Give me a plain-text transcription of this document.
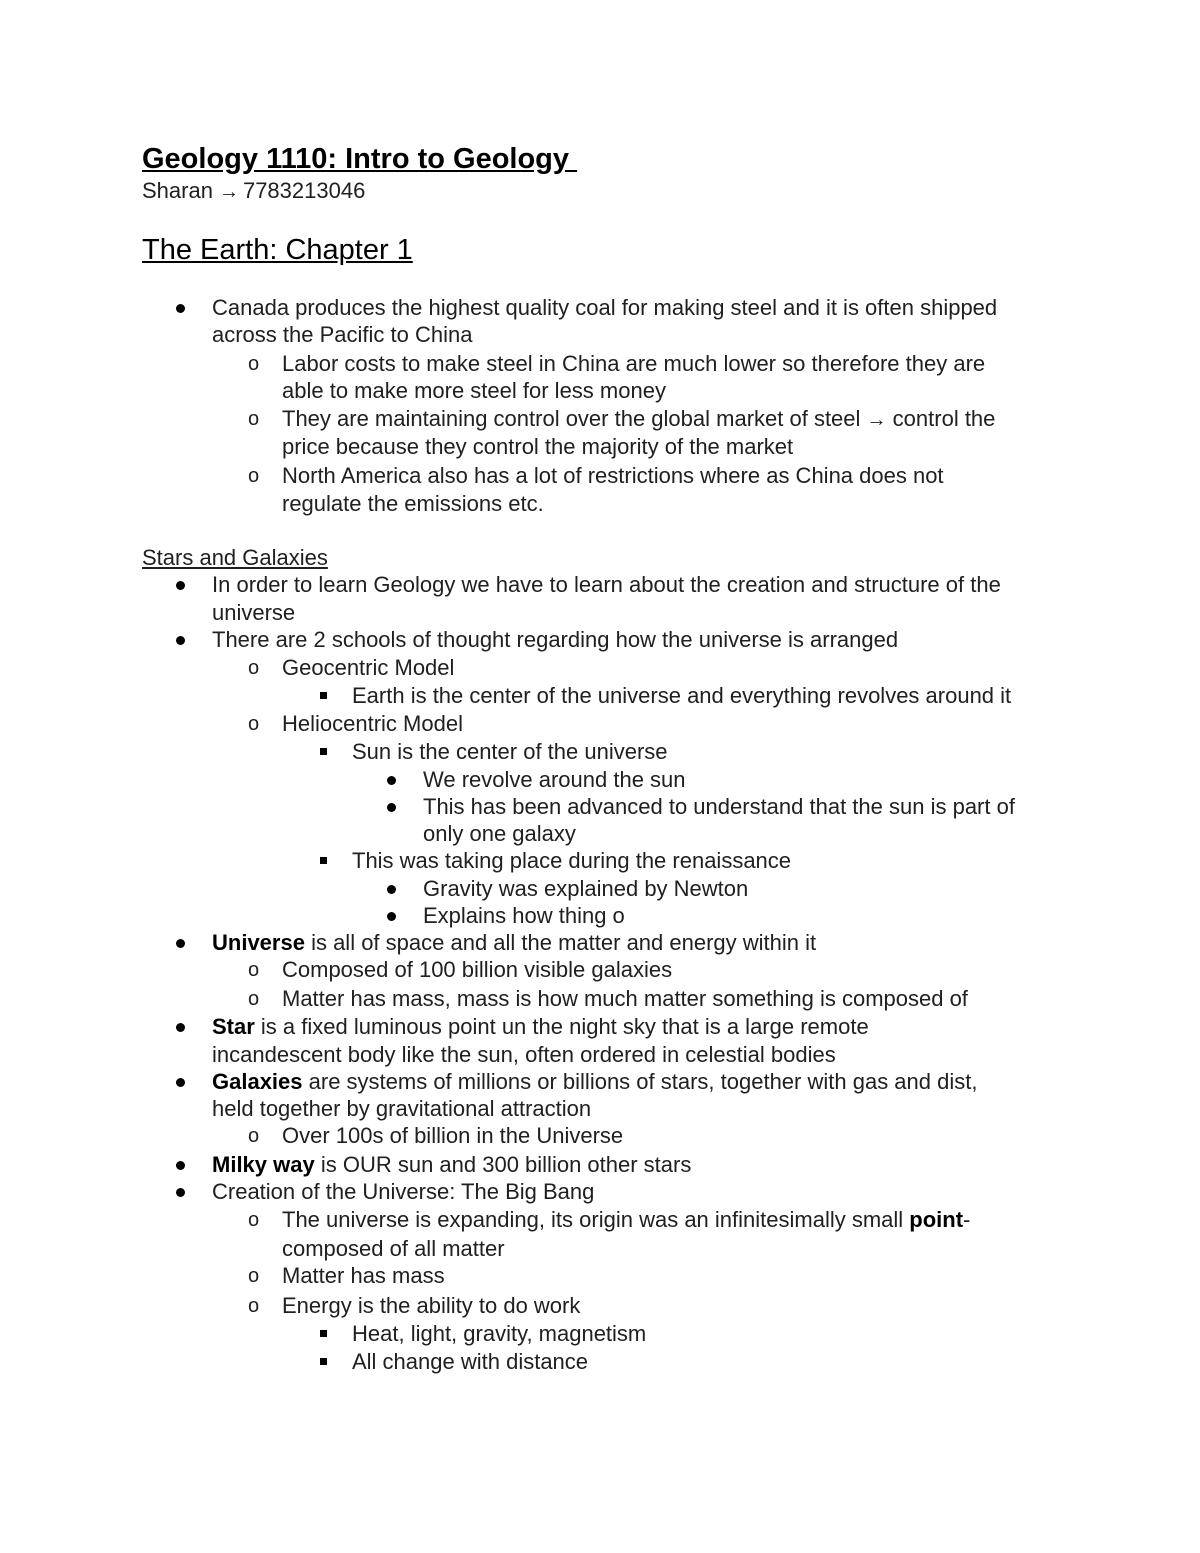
Geology 1110: Intro to Geology
Sharan → 7783213046
The Earth: Chapter 1
Canada produces the highest quality coal for making steel and it is often shipped
across the Pacific to China
o Labor costs to make steel in China are much lower so therefore they are
able to make more steel for less money
o They are maintaining control over the global market of steel → control the
price because they control the majority of the market
o North America also has a lot of restrictions where as China does not
regulate the emissions etc.
Stars and Galaxies
In order to learn Geology we have to learn about the creation and structure of the
universe
There are 2 schools of thought regarding how the universe is arranged
o Geocentric Model
Earth is the center of the universe and everything revolves around it
o Heliocentric Model
Sun is the center of the universe
We revolve around the sun
This has been advanced to understand that the sun is part of
only one galaxy
This was taking place during the renaissance
Gravity was explained by Newton
Explains how thing o
Universe is all of space and all the matter and energy within it
o Composed of 100 billion visible galaxies
o Matter has mass, mass is how much matter something is composed of
Star is a fixed luminous point un the night sky that is a large remote
incandescent body like the sun, often ordered in celestial bodies
Galaxies are systems of millions or billions of stars, together with gas and dist,
held together by gravitational attraction
o Over 100s of billion in the Universe
Milky way is OUR sun and 300 billion other stars
Creation of the Universe: The Big Bang
o The universe is expanding, its origin was an infinitesimally small point-
composed of all matter
o Matter has mass
o Energy is the ability to do work
Heat, light, gravity, magnetism
All change with distance
